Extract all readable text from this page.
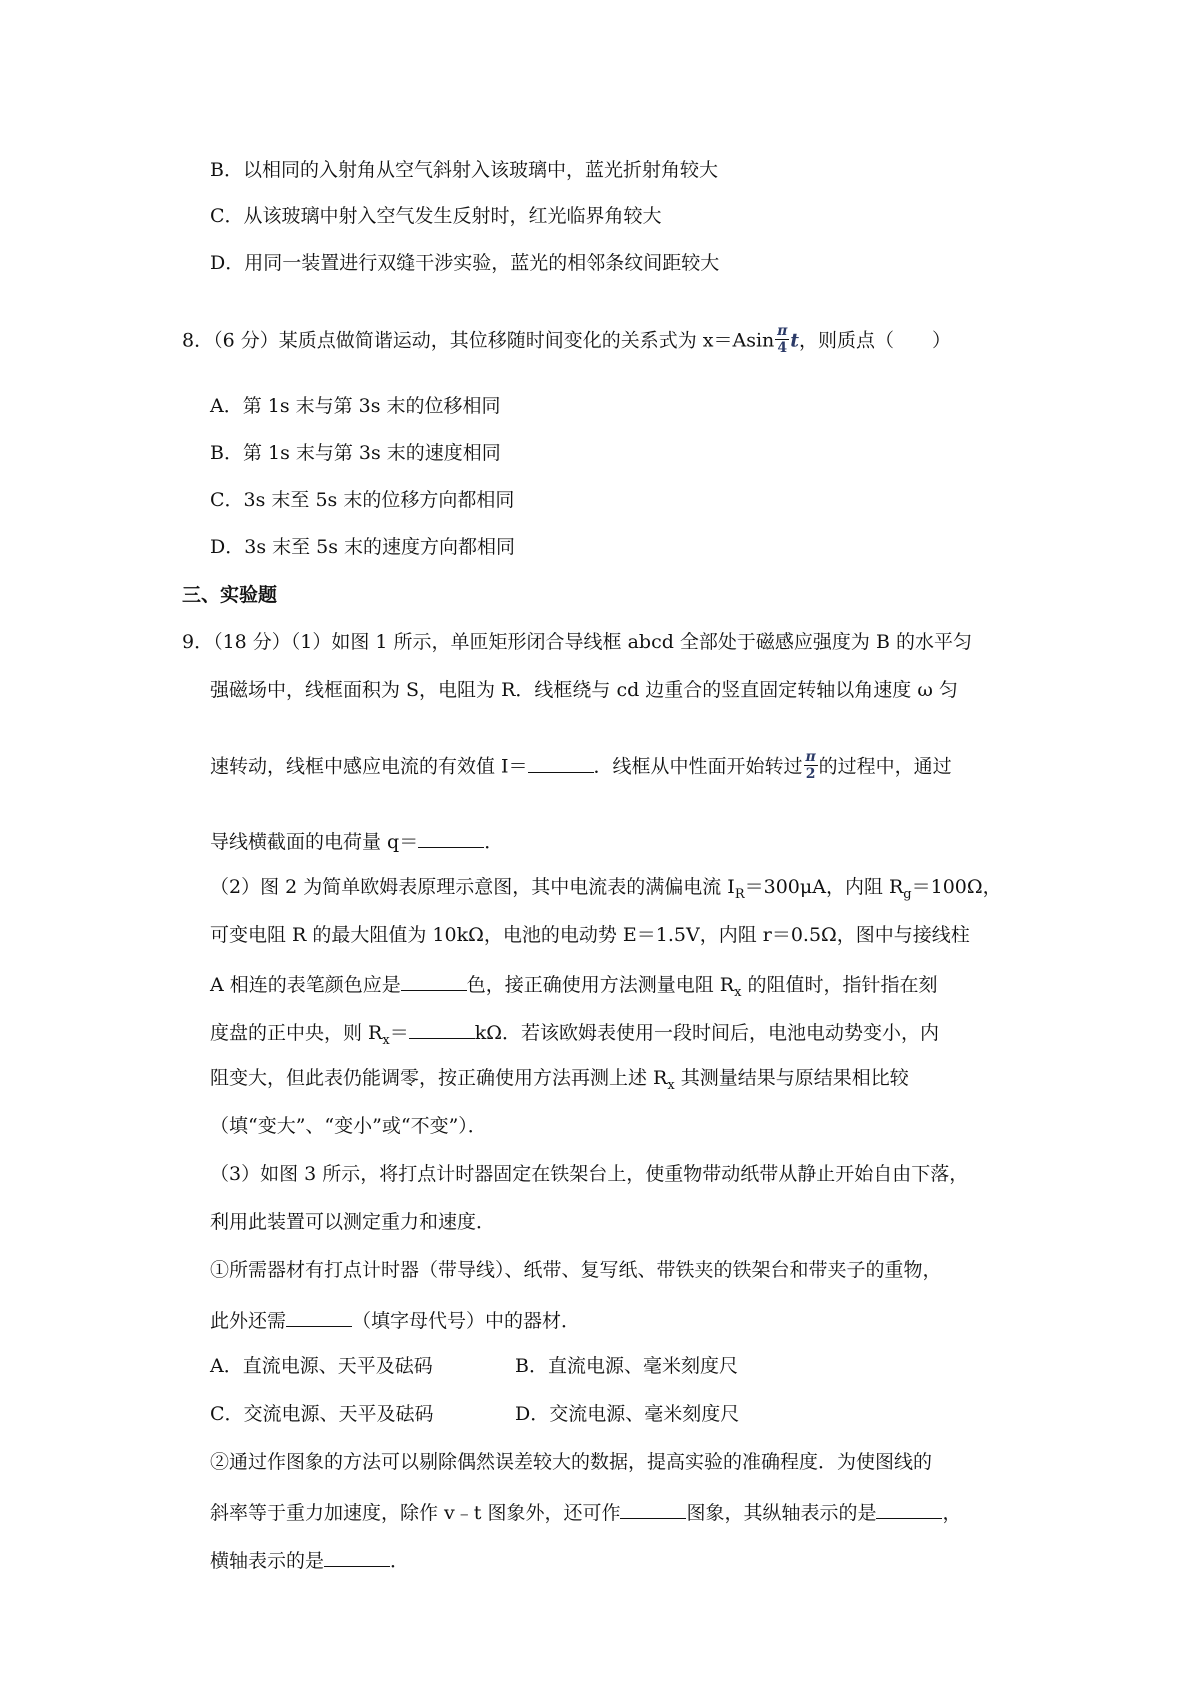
B．以相同的入射角从空气斜射入该玻璃中，蓝光折射角较大
C．从该玻璃中射入空气发生反射时，红光临界角较大
D．用同一装置进行双缝干涉实验，蓝光的相邻条纹间距较大
8．（6 分）某质点做简谐运动，其位移随时间变化的关系式为 $x=Asin \frac{\pi}{4}$ t，则质点（　　）
A．第 1s 末与第 3s 末的位移相同
B．第 1s 末与第 3s 末的速度相同
C．3s 末至 5s 末的位移方向都相同
D．3s 末至 5s 末的速度方向都相同
三、实验题
9．（18 分）（1）如图 1 所示，单匝矩形闭合导线框 abcd 全部处于磁感应强度为 B 的水平匀
强磁场中，线框面积为 S，电阻为 R．线框绕与 cd 边重合的竖直固定转轴以角速度 ω 匀
速转动，线框中感应电流的有效值 I＝	．线框从中性面开始转过 $\frac{\pi}{2}$ 的过程中，通过
导线横截面的电荷量 q＝	．
（2）图 2 为简单欧姆表原理示意图，其中电流表的满偏电流 $I_R=300\mu A$，内阻 $R_g=100\Omega$，
可变电阻 R 的最大阻值为 10kΩ，电池的电动势 E＝1.5V，内阻 r＝0.5Ω，图中与接线柱
A 相连的表笔颜色应是	色，接正确使用方法测量电阻 $R_x$ 的阻值时，指针指在刻
度盘的正中央，则 $R_x=$	kΩ．若该欧姆表使用一段时间后，电池电动势变小，内
阻变大，但此表仍能调零，按正确使用方法再测上述 $R_x$ 其测量结果与原结果相比较
（填“变大”、“变小”或“不变”）．
（3）如图 3 所示，将打点计时器固定在铁架台上，使重物带动纸带从静止开始自由下落，
利用此装置可以测定重力和速度．
①所需器材有打点计时器（带导线）、纸带、复写纸、带铁夹的铁架台和带夹子的重物，
此外还需	（填字母代号）中的器材．
A．直流电源、天平及砝码	B．直流电源、毫米刻度尺
C．交流电源、天平及砝码	D．交流电源、毫米刻度尺
②通过作图象的方法可以剔除偶然误差较大的数据，提高实验的准确程度．为使图线的
斜率等于重力加速度，除作 v﹣t 图象外，还可作	图象，其纵轴表示的是	，
横轴表示的是	．
